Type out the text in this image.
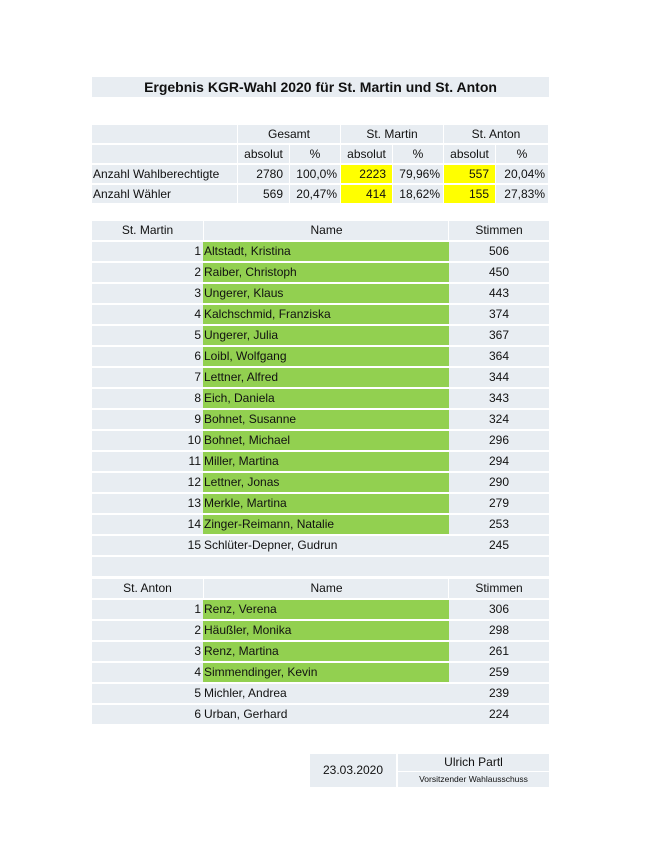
Ergebnis KGR-Wahl 2020 für St. Martin und St. Anton
Gesamt	St. Martin	St. Anton
absolut	%	absolut	%	absolut	%
Anzahl Wahlberechtigte	2780	100,0%	2223	79,96%	557	20,04%
Anzahl Wähler	569	20,47%	414	18,62%	155	27,83%
St. Martin	Name	Stimmen
1 Altstadt, Kristina	506
2 Raiber, Christoph	450
3 Ungerer, Klaus	443
4 Kalchschmid, Franziska	374
5 Ungerer, Julia	367
6 Loibl, Wolfgang	364
7 Lettner, Alfred	344
8 Eich, Daniela	343
9 Bohnet, Susanne	324
10 Bohnet, Michael	296
11 Miller, Martina	294
12 Lettner, Jonas	290
13 Merkle, Martina	279
14 Zinger-Reimann, Natalie	253
15 Schlüter-Depner, Gudrun	245
St. Anton	Name	Stimmen
1 Renz, Verena	306
2 Häußler, Monika	298
3 Renz, Martina	261
4 Simmendinger, Kevin	259
5 Michler, Andrea	239
6 Urban, Gerhard	224
23.03.2020
Ulrich Partl
Vorsitzender Wahlausschuss
